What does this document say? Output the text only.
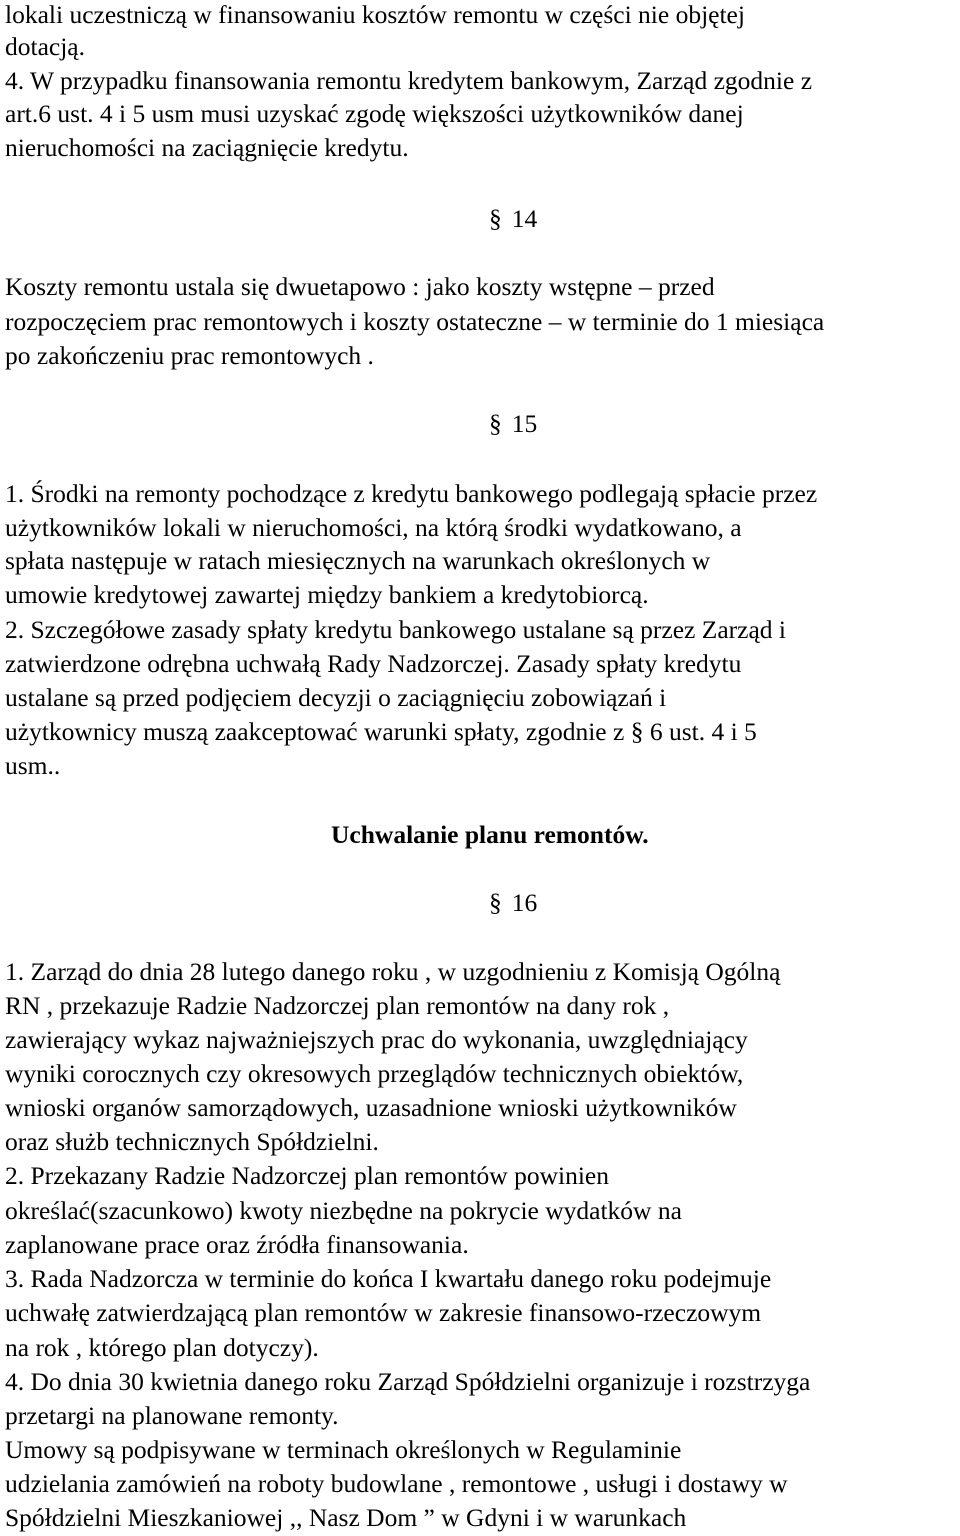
lokali uczestniczą w finansowaniu kosztów remontu w części nie objętej
dotacją.
4. W przypadku finansowania remontu kredytem bankowym, Zarząd zgodnie z
art.6 ust. 4 i 5 usm musi uzyskać zgodę większości użytkowników danej
nieruchomości na zaciągnięcie kredytu.
§ 14
Koszty remontu ustala się dwuetapowo : jako koszty wstępne – przed
rozpoczęciem prac remontowych i koszty ostateczne – w terminie do 1 miesiąca
po zakończeniu prac remontowych .
§ 15
1. Środki na remonty pochodzące z kredytu bankowego podlegają spłacie przez
użytkowników lokali w nieruchomości, na którą środki wydatkowano, a
spłata następuje w ratach miesięcznych na warunkach określonych w
umowie kredytowej zawartej między bankiem a kredytobiorcą.
2. Szczegółowe zasady spłaty kredytu bankowego ustalane są przez Zarząd i
zatwierdzone odrębna uchwałą Rady Nadzorczej. Zasady spłaty kredytu
ustalane są przed podjęciem decyzji o zaciągnięciu zobowiązań i
użytkownicy muszą zaakceptować warunki spłaty, zgodnie z § 6 ust. 4 i 5
usm..
Uchwalanie planu remontów.
§ 16
1. Zarząd do dnia 28 lutego danego roku , w uzgodnieniu z Komisją Ogólną
RN , przekazuje Radzie Nadzorczej plan remontów na dany rok ,
zawierający wykaz najważniejszych prac do wykonania, uwzględniający
wyniki corocznych czy okresowych przeglądów technicznych obiektów,
wnioski organów samorządowych, uzasadnione wnioski użytkowników
oraz służb technicznych Spółdzielni.
2. Przekazany Radzie Nadzorczej plan remontów powinien
określać(szacunkowo) kwoty niezbędne na pokrycie wydatków na
zaplanowane prace oraz źródła finansowania.
3. Rada Nadzorcza w terminie do końca I kwartału danego roku podejmuje
uchwałę zatwierdzającą plan remontów w zakresie finansowo-rzeczowym
na rok , którego plan dotyczy).
4. Do dnia 30 kwietnia danego roku Zarząd Spółdzielni organizuje i rozstrzyga
przetargi na planowane remonty.
Umowy są podpisywane w terminach określonych w Regulaminie
udzielania zamówień na roboty budowlane , remontowe , usługi i dostawy w
Spółdzielni Mieszkaniowej ,, Nasz Dom ” w Gdyni i w warunkach
